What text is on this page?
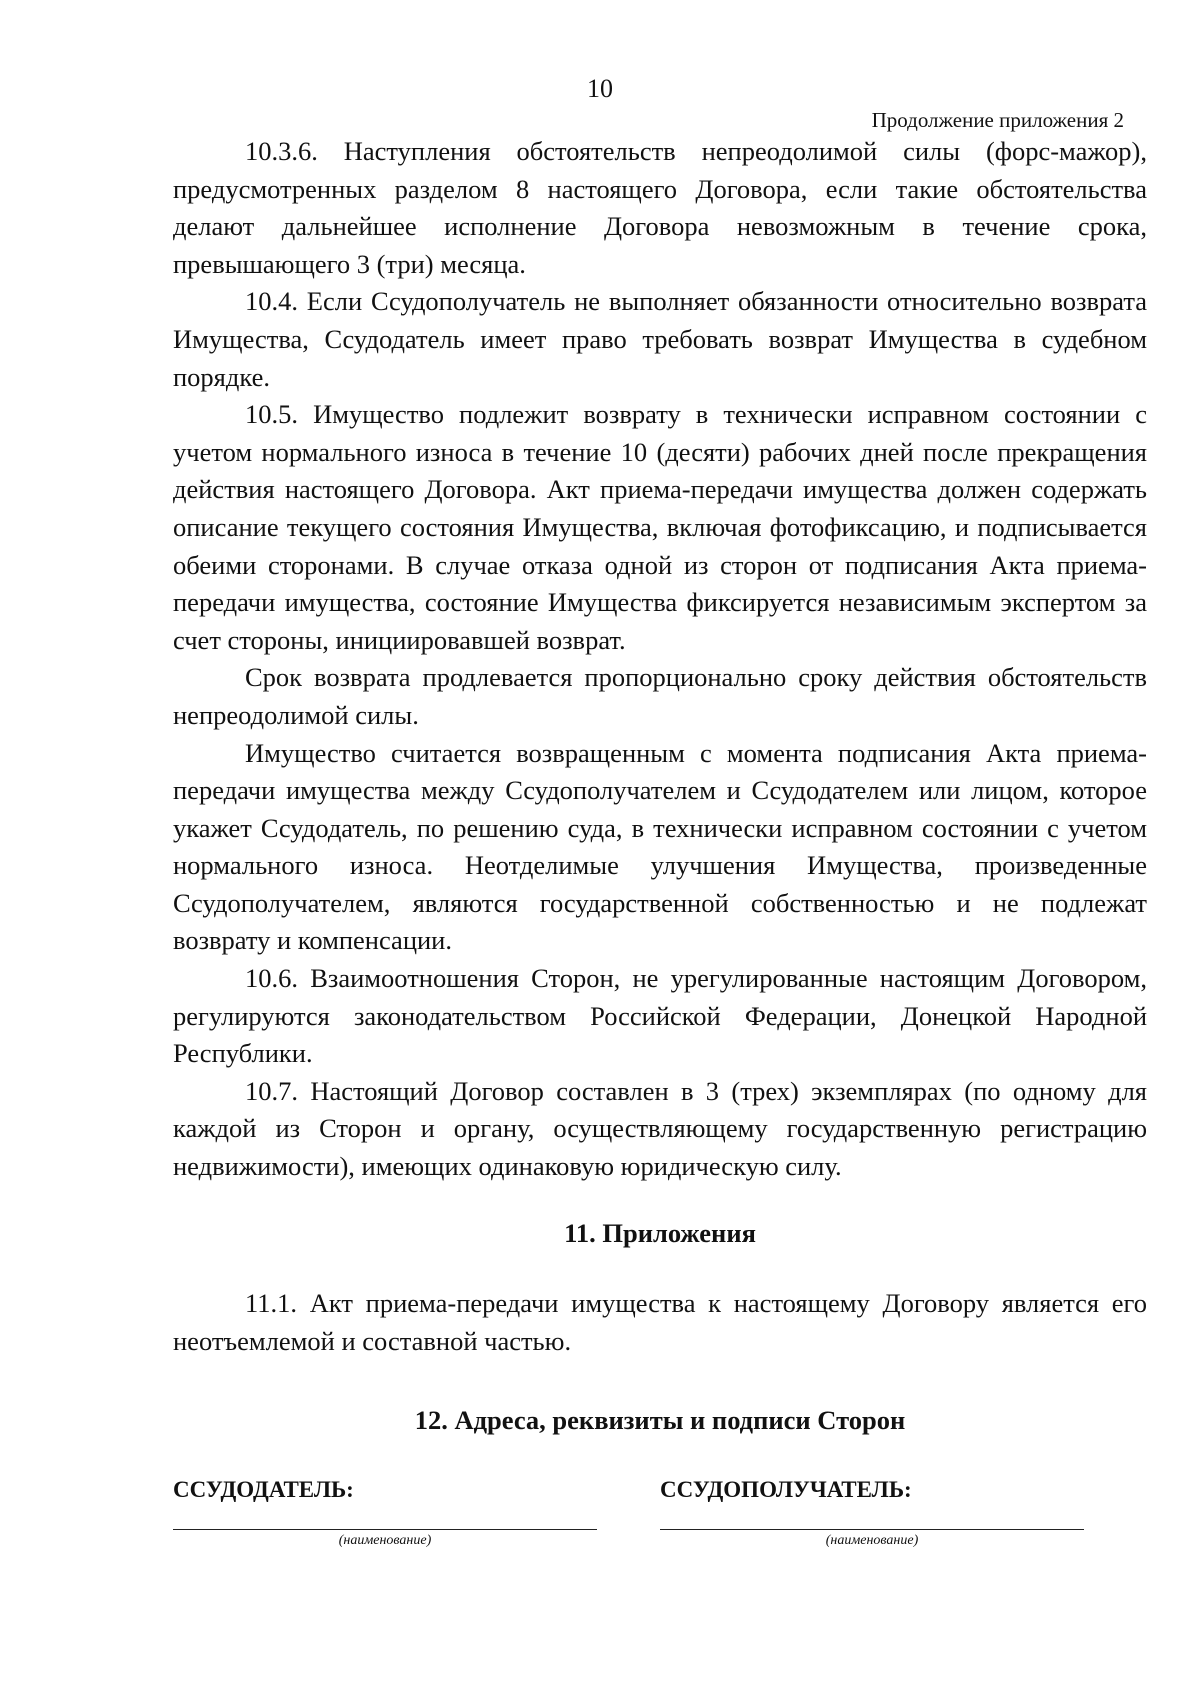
10
Продолжение приложения 2

10.3.6. Наступления обстоятельств непреодолимой силы (форс-мажор), предусмотренных разделом 8 настоящего Договора, если такие обстоятельства делают дальнейшее исполнение Договора невозможным в течение срока, превышающего 3 (три) месяца.

10.4. Если Ссудополучатель не выполняет обязанности относительно возврата Имущества, Ссудодатель имеет право требовать возврат Имущества в судебном порядке.

10.5. Имущество подлежит возврату в технически исправном состоянии с учетом нормального износа в течение 10 (десяти) рабочих дней после прекращения действия настоящего Договора. Акт приема-передачи имущества должен содержать описание текущего состояния Имущества, включая фотофиксацию, и подписывается обеими сторонами. В случае отказа одной из сторон от подписания Акта приема-передачи имущества, состояние Имущества фиксируется независимым экспертом за счет стороны, инициировавшей возврат.

Срок возврата продлевается пропорционально сроку действия обстоятельств непреодолимой силы.

Имущество считается возвращенным с момента подписания Акта приема-передачи имущества между Ссудополучателем и Ссудодателем или лицом, которое укажет Ссудодатель, по решению суда, в технически исправном состоянии с учетом нормального износа. Неотделимые улучшения Имущества, произведенные Ссудополучателем, являются государственной собственностью и не подлежат возврату и компенсации.

10.6. Взаимоотношения Сторон, не урегулированные настоящим Договором, регулируются законодательством Российской Федерации, Донецкой Народной Республики.

10.7. Настоящий Договор составлен в 3 (трех) экземплярах (по одному для каждой из Сторон и органу, осуществляющему государственную регистрацию недвижимости), имеющих одинаковую юридическую силу.

11. Приложения

11.1. Акт приема-передачи имущества к настоящему Договору является его неотъемлемой и составной частью.

12. Адреса, реквизиты и подписи Сторон

ССУДОДАТЕЛЬ:

(наименование)

ССУДОПОЛУЧАТЕЛЬ:

(наименование)
